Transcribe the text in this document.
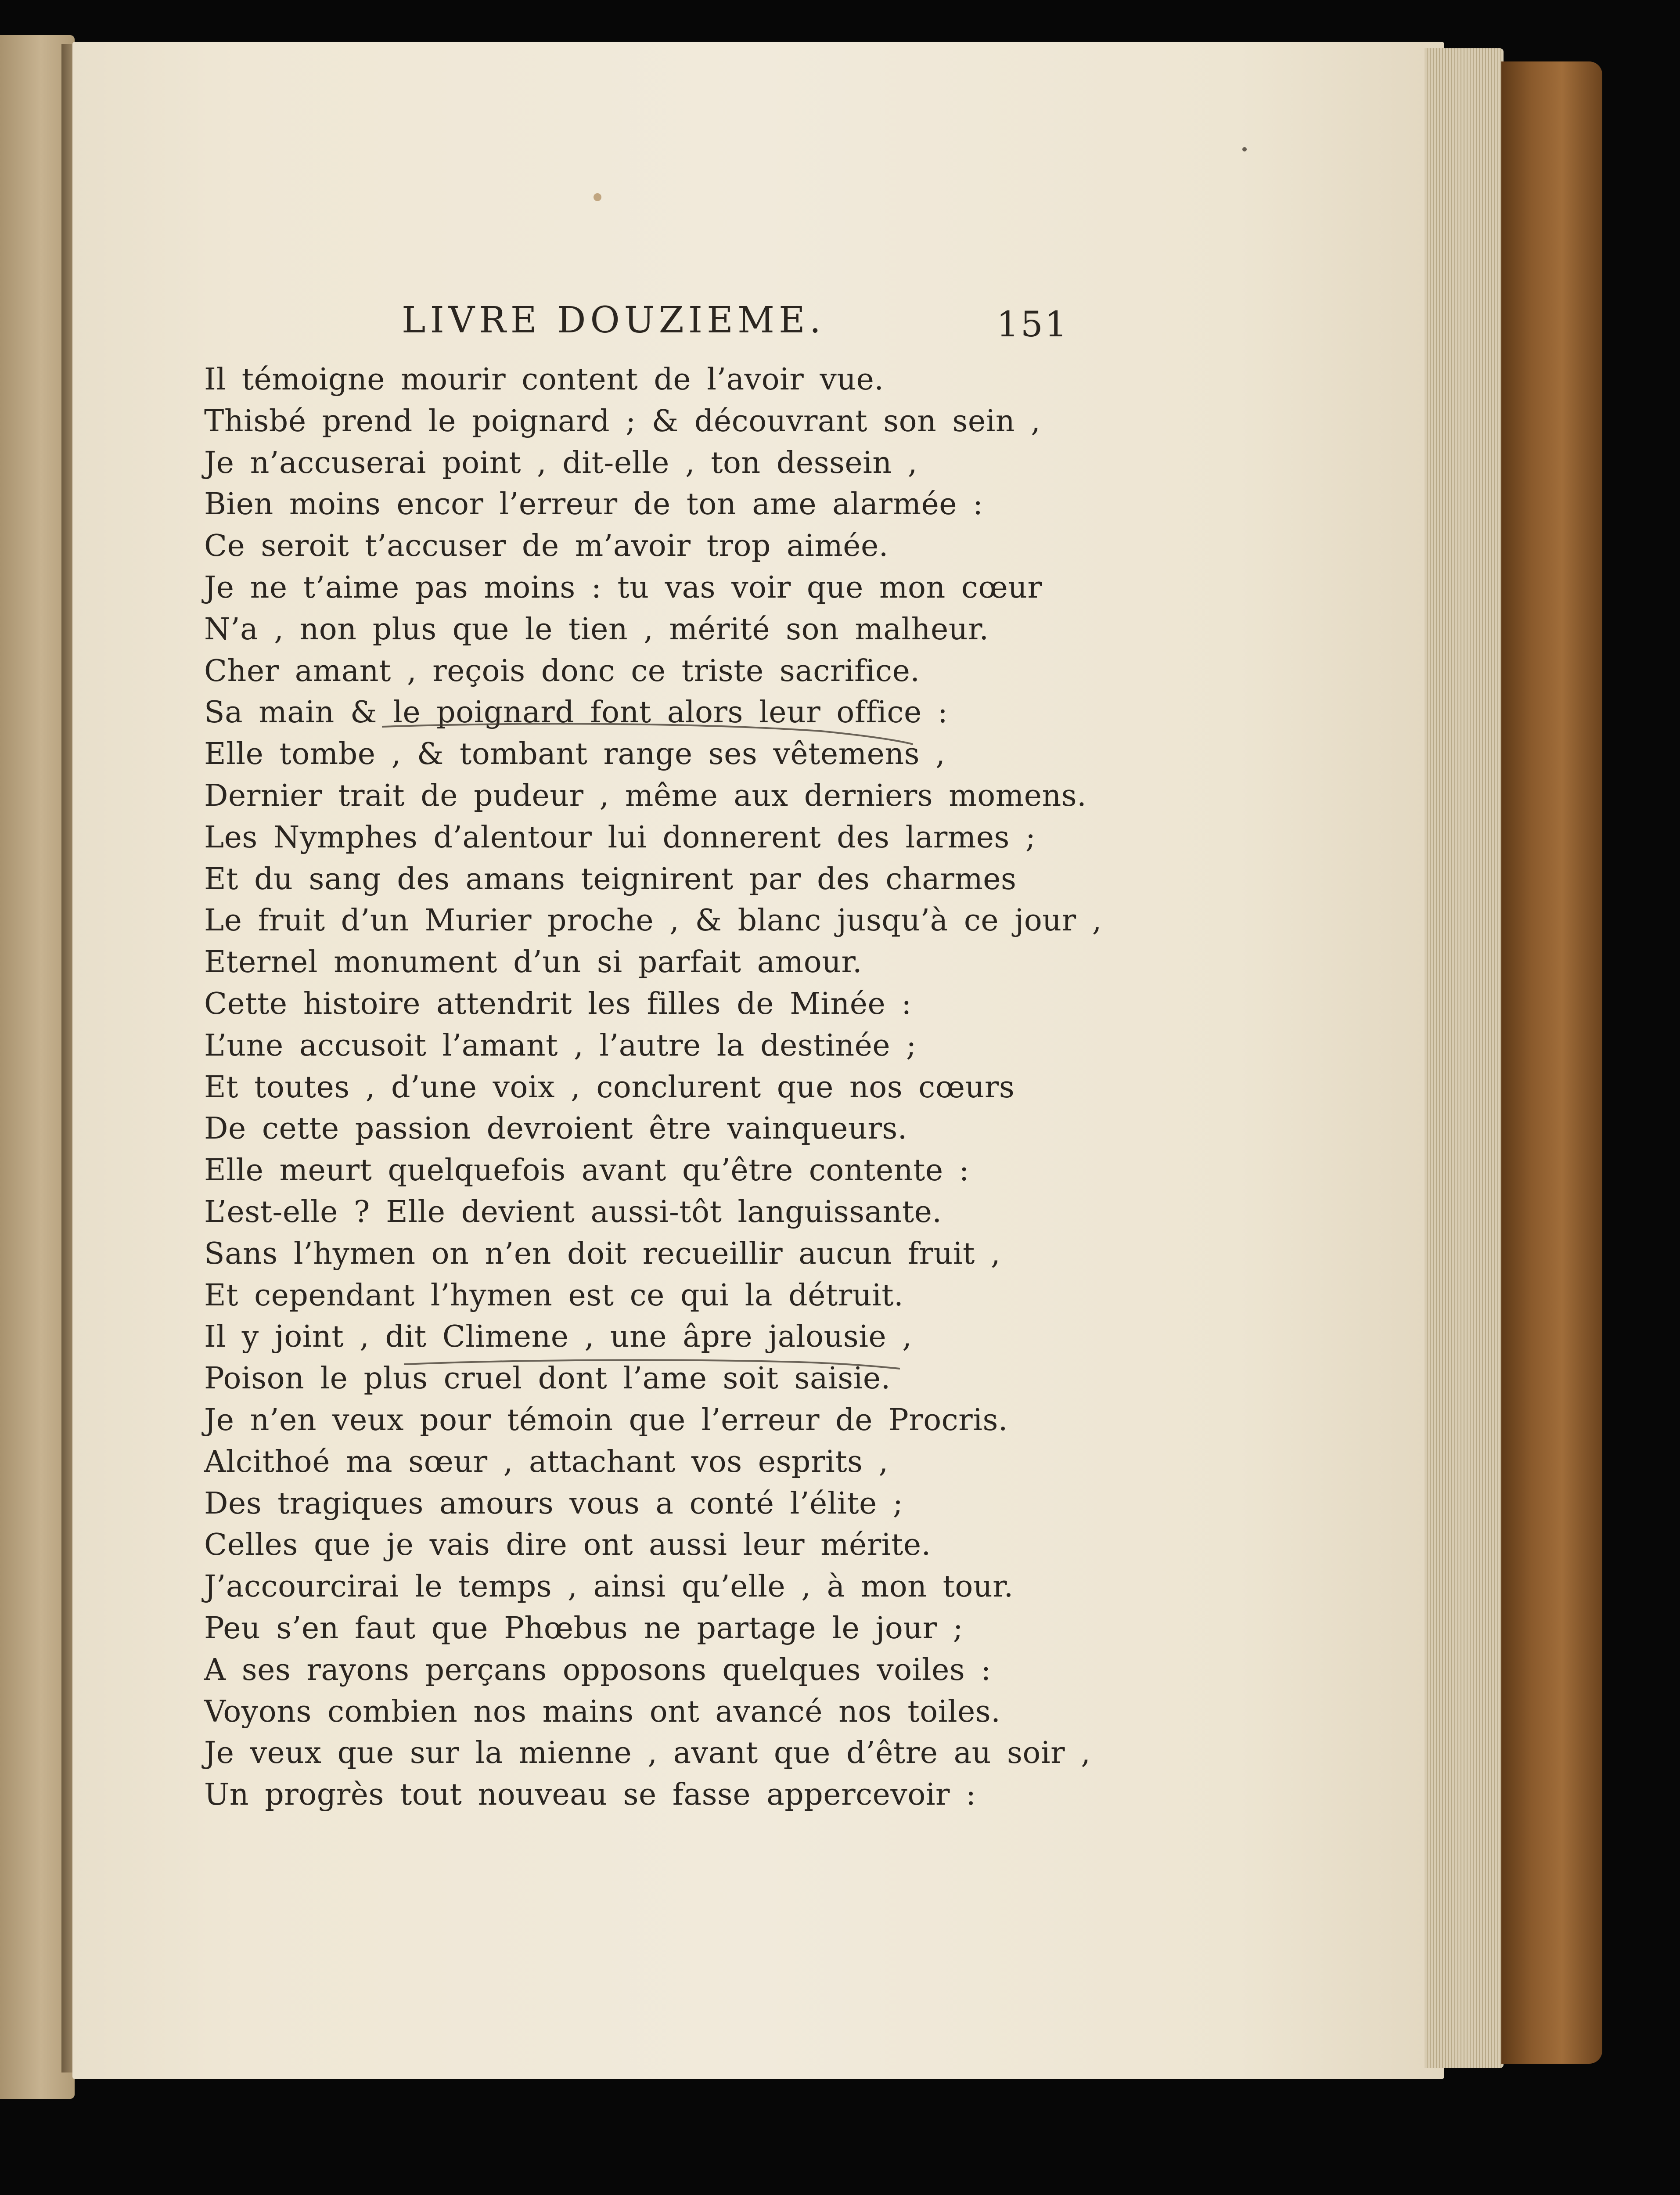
LIVRE DOUZIEME.	151
Il témoigne mourir content de l’avoir vue.
Thisbé prend le poignard ; & découvrant son sein ,
Je n’accuserai point , dit-elle , ton dessein ,
Bien moins encor l’erreur de ton ame alarmée :
Ce seroit t’accuser de m’avoir trop aimée.
Je ne t’aime pas moins : tu vas voir que mon cœur
N’a , non plus que le tien , mérité son malheur.
Cher amant , reçois donc ce triste sacrifice.
Sa main & le poignard font alors leur office :
Elle tombe , & tombant range ses vêtemens ,
Dernier trait de pudeur , même aux derniers momens.
Les Nymphes d’alentour lui donnerent des larmes ;
Et du sang des amans teignirent par des charmes
Le fruit d’un Murier proche , & blanc jusqu’à ce jour ,
Eternel monument d’un si parfait amour.
Cette histoire attendrit les filles de Minée :
L’une accusoit l’amant , l’autre la destinée ;
Et toutes , d’une voix , conclurent que nos cœurs
De cette passion devroient être vainqueurs.
Elle meurt quelquefois avant qu’être contente :
L’est-elle ? Elle devient aussi-tôt languissante.
Sans l’hymen on n’en doit recueillir aucun fruit ,
Et cependant l’hymen est ce qui la détruit.
Il y joint , dit Climene , une âpre jalousie ,
Poison le plus cruel dont l’ame soit saisie.
Je n’en veux pour témoin que l’erreur de Procris.
Alcithoé ma sœur , attachant vos esprits ,
Des tragiques amours vous a conté l’élite ;
Celles que je vais dire ont aussi leur mérite.
J’accourcirai le temps , ainsi qu’elle , à mon tour.
Peu s’en faut que Phœbus ne partage le jour ;
A ses rayons perçans opposons quelques voiles :
Voyons combien nos mains ont avancé nos toiles.
Je veux que sur la mienne , avant que d’être au soir ,
Un progrès tout nouveau se fasse appercevoir :
